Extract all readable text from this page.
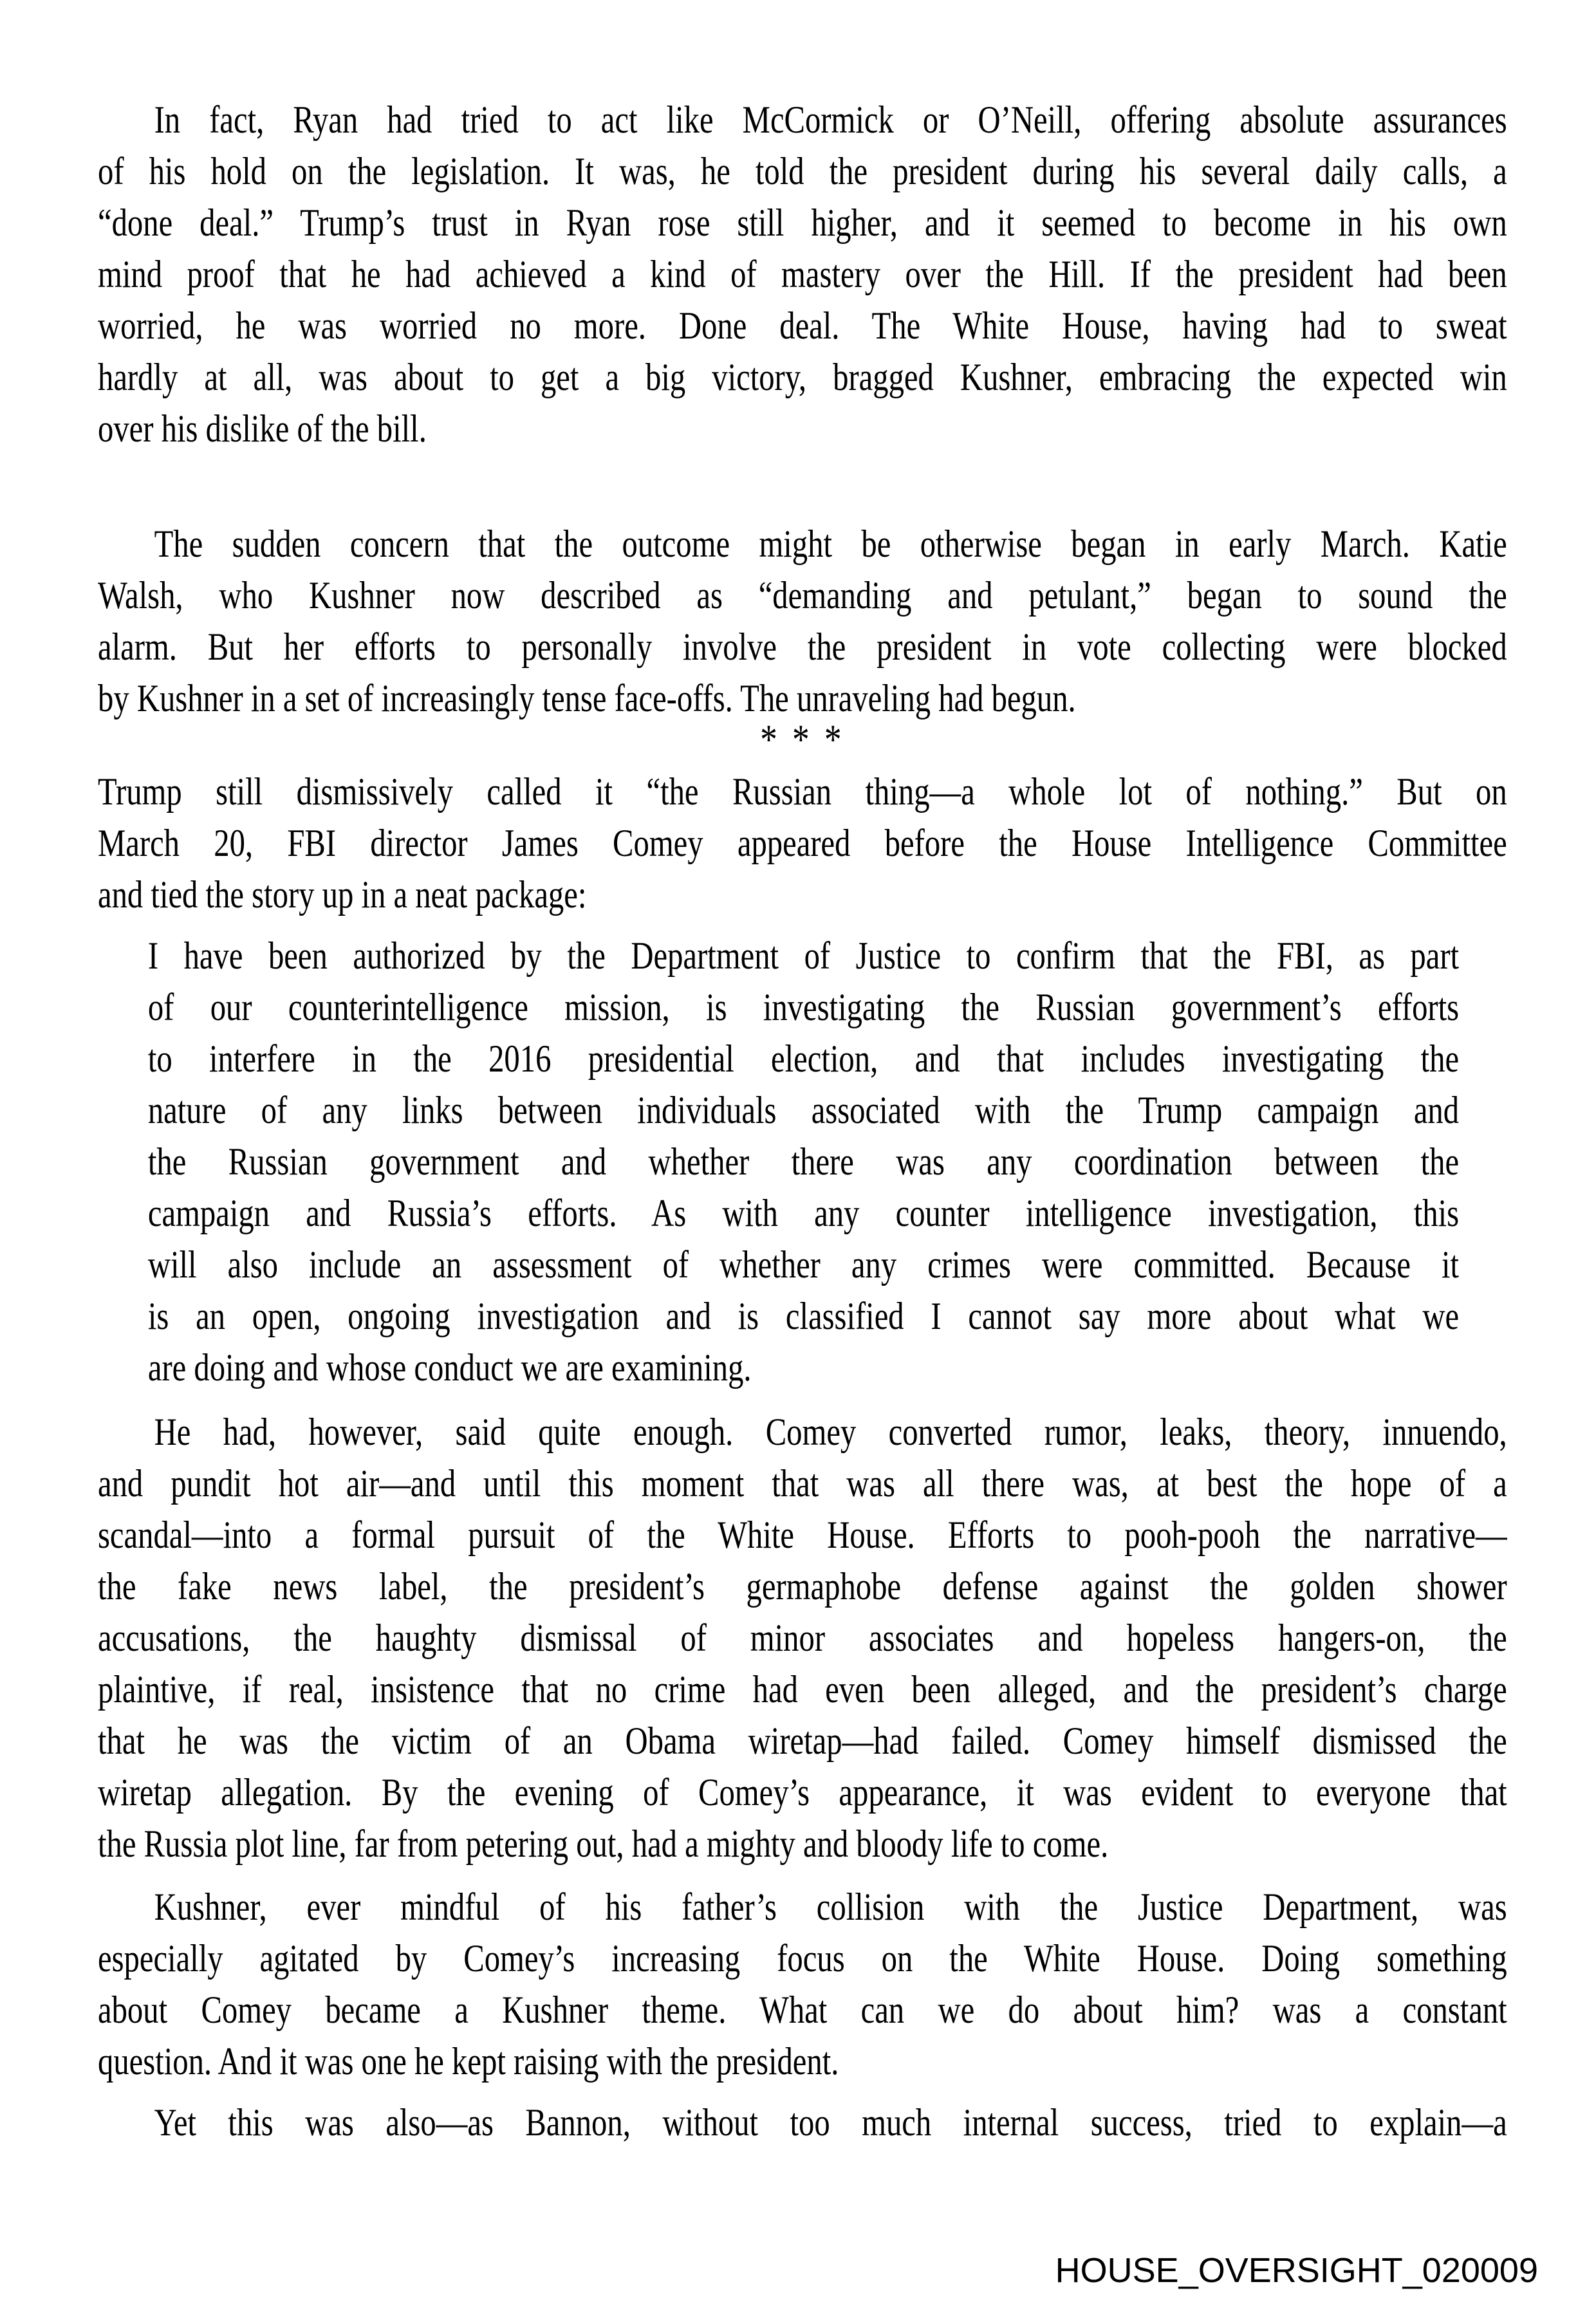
In fact, Ryan had tried to act like McCormick or O’Neill, offering absolute assurances
of his hold on the legislation. It was, he told the president during his several daily calls, a
“done deal.” Trump’s trust in Ryan rose still higher, and it seemed to become in his own
mind proof that he had achieved a kind of mastery over the Hill. If the president had been
worried, he was worried no more. Done deal. The White House, having had to sweat
hardly at all, was about to get a big victory, bragged Kushner, embracing the expected win
over his dislike of the bill.
The sudden concern that the outcome might be otherwise began in early March. Katie
Walsh, who Kushner now described as “demanding and petulant,” began to sound the
alarm. But her efforts to personally involve the president in vote collecting were blocked
by Kushner in a set of increasingly tense face-offs. The unraveling had begun.
* * *
Trump still dismissively called it “the Russian thing—a whole lot of nothing.” But on
March 20, FBI director James Comey appeared before the House Intelligence Committee
and tied the story up in a neat package:
I have been authorized by the Department of Justice to confirm that the FBI, as part
of our counterintelligence mission, is investigating the Russian government’s efforts
to interfere in the 2016 presidential election, and that includes investigating the
nature of any links between individuals associated with the Trump campaign and
the Russian government and whether there was any coordination between the
campaign and Russia’s efforts. As with any counter intelligence investigation, this
will also include an assessment of whether any crimes were committed. Because it
is an open, ongoing investigation and is classified I cannot say more about what we
are doing and whose conduct we are examining.
He had, however, said quite enough. Comey converted rumor, leaks, theory, innuendo,
and pundit hot air—and until this moment that was all there was, at best the hope of a
scandal—into a formal pursuit of the White House. Efforts to pooh-pooh the narrative—
the fake news label, the president’s germaphobe defense against the golden shower
accusations, the haughty dismissal of minor associates and hopeless hangers-on, the
plaintive, if real, insistence that no crime had even been alleged, and the president’s charge
that he was the victim of an Obama wiretap—had failed. Comey himself dismissed the
wiretap allegation. By the evening of Comey’s appearance, it was evident to everyone that
the Russia plot line, far from petering out, had a mighty and bloody life to come.
Kushner, ever mindful of his father’s collision with the Justice Department, was
especially agitated by Comey’s increasing focus on the White House. Doing something
about Comey became a Kushner theme. What can we do about him? was a constant
question. And it was one he kept raising with the president.
Yet this was also—as Bannon, without too much internal success, tried to explain—a
HOUSE_OVERSIGHT_020009
